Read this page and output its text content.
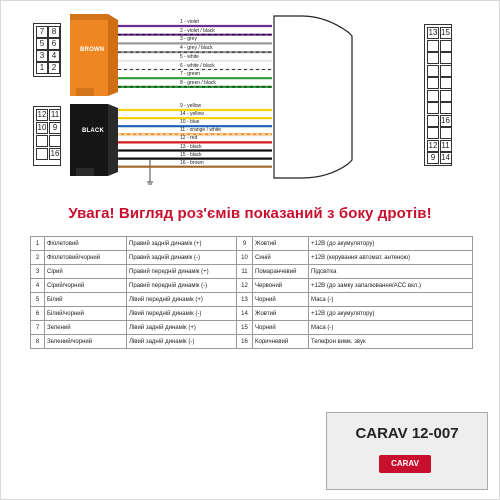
7 8
5 6
3 4
1 2
12 11
10 9
16
13 15
16
12 11
9 14
BROWN
BLACK
1 - violet
2 - violet / black
3 - grey
4 - grey / black
5 - white
6 - white / black
7 - green
8 - green / black
9 - yellow
14 - yellow
10 - blue
11 - orange / white
12 - red
13 - black
15 - black
16 - brown
Увага! Вигляд роз'ємів показаний з боку дротів!
1	Фіолетовий	Правий задній динамік (+)	9	Жовтий	+12В (до акумулятору)
2	Фіолетовий/чорний	Правий задній динамік (-)	10	Синій	+12В (керування автомат. антеною)
3	Сірий	Правий передній динамік (+)	11	Помаранчевий	Підсвітка
4	Сірий/чорний	Правий передній динамік (-)	12	Червоний	+12В (до замку запалювання/ACC вкл.)
5	Білий	Лівий передній динамік (+)	13	Чорний	Маса (-)
6	Білий/чорний	Лівий передній динамік (-)	14	Жовтий	+12В (до акумулятору)
7	Зелений	Лівий задній динамік (+)	15	Чорний	Маса (-)
8	Зелений/чорний	Лівий задній динамік (-)	16	Коричневий	Телефон вимк. звук
CARAV 12-007
CARAV
